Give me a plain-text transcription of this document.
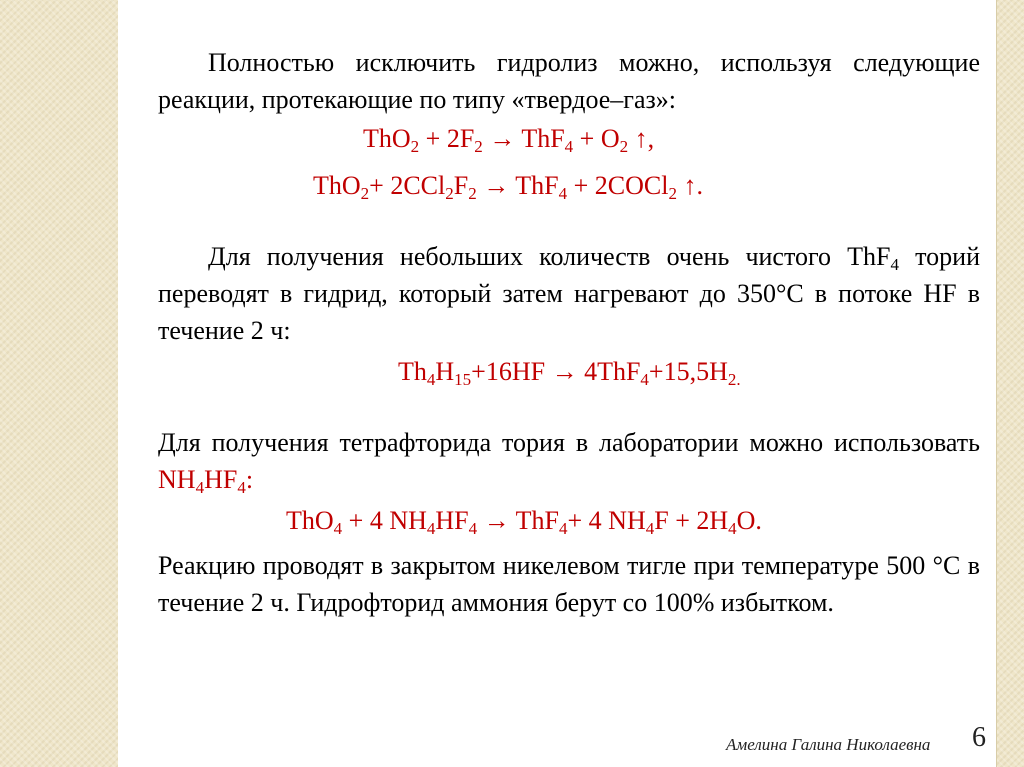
Полностью исключить гидролиз можно, используя следующие реакции, протекающие по типу «твердое–газ»:

$ThO_2 + 2F_2 \to ThF_4 + O_2$ ↑,

$ThO_2+ 2CCl_2F_2 \to ThF_4$ + 2COCl$_2$ ↑.

Для получения небольших количеств очень чистого ThF$_4$ торий переводят в гидрид, который затем нагревают до 350°С в потоке HF в течение 2 ч:

$Th_4H_{15}+16HF \to 4ThF_4+15,5H_{2.}$

Для получения тетрафторида тория в лаборатории можно использовать $NH_4HF_4$:

ThO$_4$ + 4 $NH_4HF_4 \to ThF_4+ 4$ $NH_4F + 2H_4O$.

Реакцию проводят в закрытом никелевом тигле при температуре 500 °С в течение 2 ч. Гидрофторид аммония берут со 100% избытком.

Амелина Галина Николаевна	6
